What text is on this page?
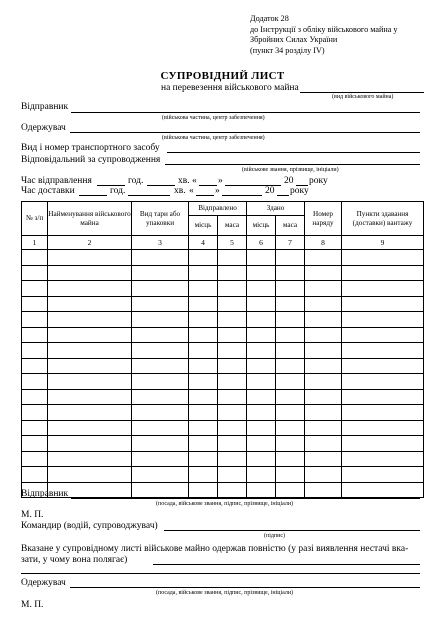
Додаток 28
до Інструкції з обліку військового майна у
Збройних Силах України
(пункт 34 розділу IV)
СУПРОВІДНИЙ ЛИСТ
на перевезення військового майна
(вид військового майна)
Відправник
(військова частина, центр забезпечення)
Одержувач
(військова частина, центр забезпечення)
Вид і номер транспортного засобу
Відповідальний за супроводження
(військове звання, прізвище, ініціали)
Час відправлення	год.	хв. « »	20 року
Час доставки	год.	хв. « »	20 року
№ з/п	Найменування військового майна	Вид тари або упаковки	Відправлено		Здано		Номер наряду	Пункти здавання (доставки) вантажу
			місць	маса	місць	маса		
1	2	3	4	5	6	7	8	9

Відправник
(посада, військове звання, підпис, прізвище, ініціали)
М. П.
Командир (водій, супроводжувач)
(підпис)
Вказане у супровідному листі військове майно одержав повністю (у разі виявлення нестачі вка-
зати, у чому вона полягає)
Одержувач
(посада, військове звання, підпис, прізвище, ініціали)
М. П.
